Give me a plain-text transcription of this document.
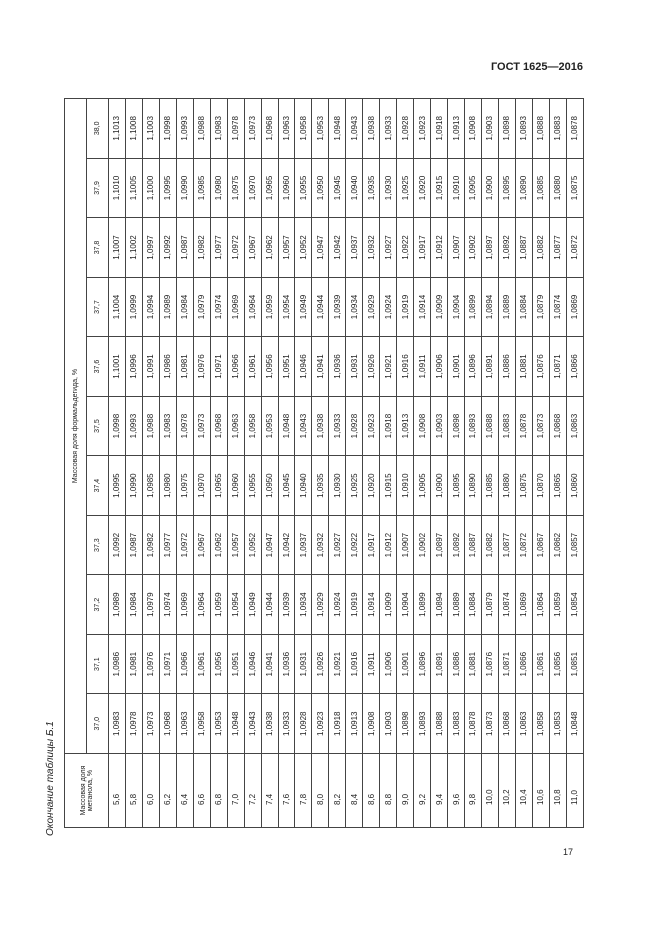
ГОСТ 1625—2016
Окончание таблицы Б.1	Массовая доля метанола, %	Массовая доля формальдегида, %										
	37,0	37,1	37,2	37,3	37,4	37,5	37,6	37,7	37,8	37,9	38,0
5,6	1,0983	1,0986	1,0989	1,0992	1,0995	1,0998	1,1001	1,1004	1,1007	1,1010	1,1013
5,8	1,0978	1,0981	1,0984	1,0987	1,0990	1,0993	1,0996	1,0999	1,1002	1,1005	1,1008
6,0	1,0973	1,0976	1,0979	1,0982	1,0985	1,0988	1,0991	1,0994	1,0997	1,1000	1,1003
6,2	1,0968	1,0971	1,0974	1,0977	1,0980	1,0983	1,0986	1,0989	1,0992	1,0995	1,0998
6,4	1,0963	1,0966	1,0969	1,0972	1,0975	1,0978	1,0981	1,0984	1,0987	1,0990	1,0993
6,6	1,0958	1,0961	1,0964	1,0967	1,0970	1,0973	1,0976	1,0979	1,0982	1,0985	1,0988
6,8	1,0953	1,0956	1,0959	1,0962	1,0965	1,0968	1,0971	1,0974	1,0977	1,0980	1,0983
7,0	1,0948	1,0951	1,0954	1,0957	1,0960	1,0963	1,0966	1,0969	1,0972	1,0975	1,0978
7,2	1,0943	1,0946	1,0949	1,0952	1,0955	1,0958	1,0961	1,0964	1,0967	1,0970	1,0973
7,4	1,0938	1,0941	1,0944	1,0947	1,0950	1,0953	1,0956	1,0959	1,0962	1,0965	1,0968
7,6	1,0933	1,0936	1,0939	1,0942	1,0945	1,0948	1,0951	1,0954	1,0957	1,0960	1,0963
7,8	1,0928	1,0931	1,0934	1,0937	1,0940	1,0943	1,0946	1,0949	1,0952	1,0955	1,0958
8,0	1,0923	1,0926	1,0929	1,0932	1,0935	1,0938	1,0941	1,0944	1,0947	1,0950	1,0953
8,2	1,0918	1,0921	1,0924	1,0927	1,0930	1,0933	1,0936	1,0939	1,0942	1,0945	1,0948
8,4	1,0913	1,0916	1,0919	1,0922	1,0925	1,0928	1,0931	1,0934	1,0937	1,0940	1,0943
8,6	1,0908	1,0911	1,0914	1,0917	1,0920	1,0923	1,0926	1,0929	1,0932	1,0935	1,0938
8,8	1,0903	1,0906	1,0909	1,0912	1,0915	1,0918	1,0921	1,0924	1,0927	1,0930	1,0933
9,0	1,0898	1,0901	1,0904	1,0907	1,0910	1,0913	1,0916	1,0919	1,0922	1,0925	1,0928
9,2	1,0893	1,0896	1,0899	1,0902	1,0905	1,0908	1,0911	1,0914	1,0917	1,0920	1,0923
9,4	1,0888	1,0891	1,0894	1,0897	1,0900	1,0903	1,0906	1,0909	1,0912	1,0915	1,0918
9,6	1,0883	1,0886	1,0889	1,0892	1,0895	1,0898	1,0901	1,0904	1,0907	1,0910	1,0913
9,8	1,0878	1,0881	1,0884	1,0887	1,0890	1,0893	1,0896	1,0899	1,0902	1,0905	1,0908
10,0	1,0873	1,0876	1,0879	1,0882	1,0885	1,0888	1,0891	1,0894	1,0897	1,0900	1,0903
10,2	1,0868	1,0871	1,0874	1,0877	1,0880	1,0883	1,0886	1,0889	1,0892	1,0895	1,0898
10,4	1,0863	1,0866	1,0869	1,0872	1,0875	1,0878	1,0881	1,0884	1,0887	1,0890	1,0893
10,6	1,0858	1,0861	1,0864	1,0867	1,0870	1,0873	1,0876	1,0879	1,0882	1,0885	1,0888
10,8	1,0853	1,0856	1,0859	1,0862	1,0865	1,0868	1,0871	1,0874	1,0877	1,0880	1,0883
11,0	1,0848	1,0851	1,0854	1,0857	1,0860	1,0863	1,0866	1,0869	1,0872	1,0875	1,0878
17
